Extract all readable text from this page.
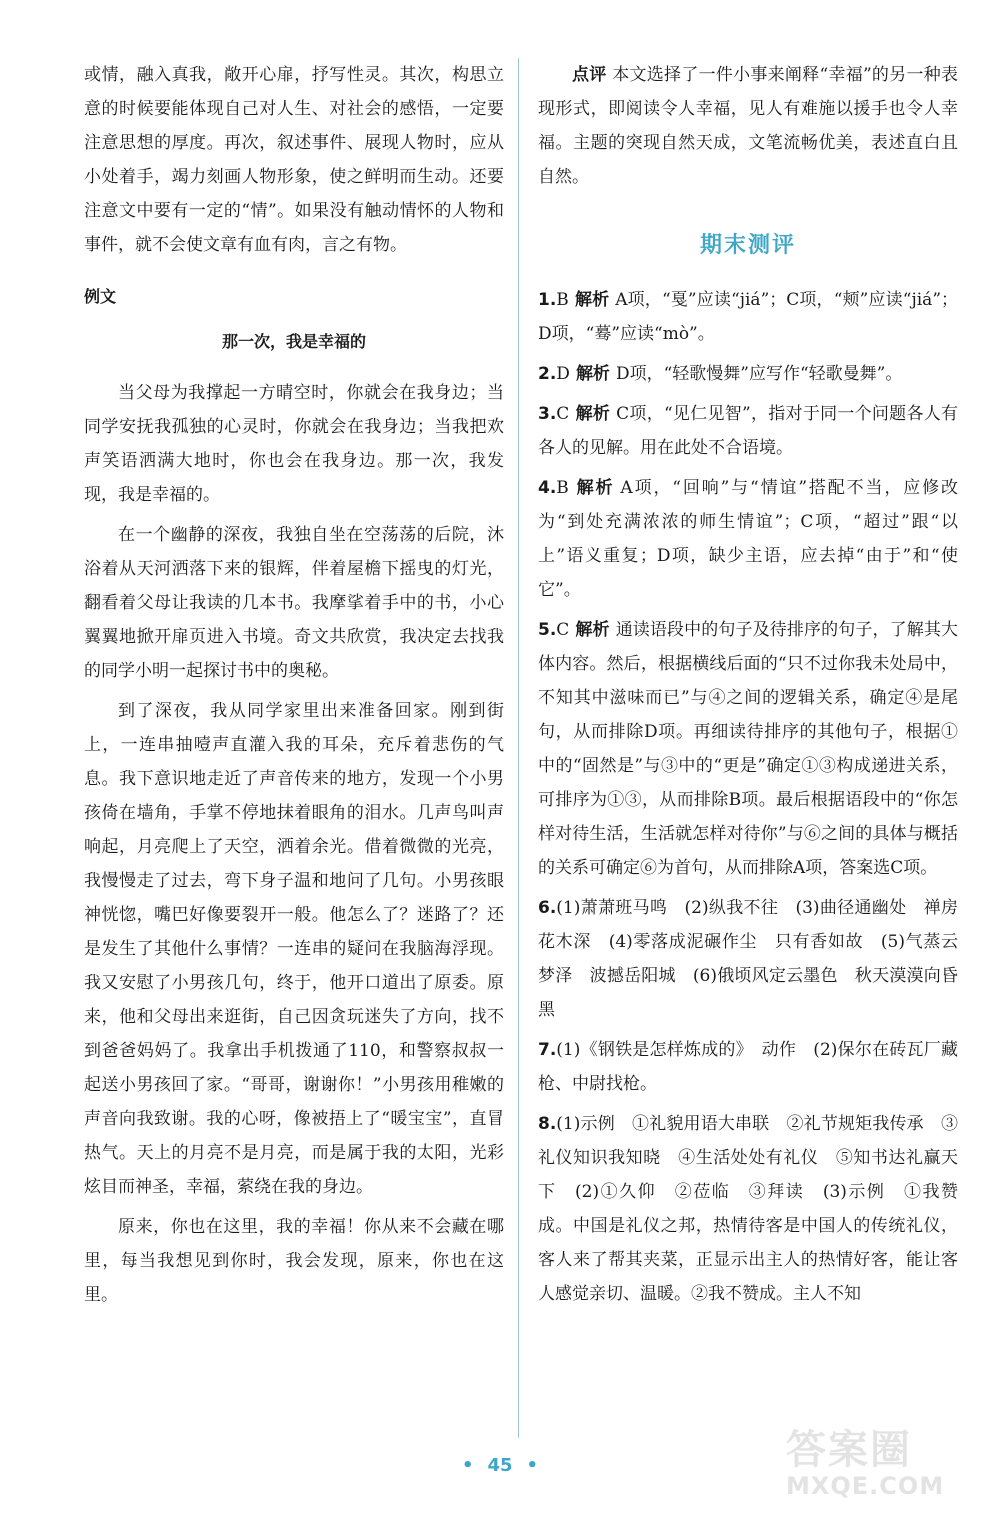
或情，融入真我，敞开心扉，抒写性灵。其次，构思立意的时候要能体现自己对人生、对社会的感悟，一定要注意思想的厚度。再次，叙述事件、展现人物时，应从小处着手，竭力刻画人物形象，使之鲜明而生动。还要注意文中要有一定的“情”。如果没有触动情怀的人物和事件，就不会使文章有血有肉，言之有物。

例文
那一次，我是幸福的

当父母为我撑起一方晴空时，你就会在我身边；当同学安抚我孤独的心灵时，你就会在我身边；当我把欢声笑语洒满大地时，你也会在我身边。那一次，我发现，我是幸福的。

在一个幽静的深夜，我独自坐在空荡荡的后院，沐浴着从天河洒落下来的银辉，伴着屋檐下摇曳的灯光，翻看着父母让我读的几本书。我摩挲着手中的书，小心翼翼地掀开扉页进入书境。奇文共欣赏，我决定去找我的同学小明一起探讨书中的奥秘。

到了深夜，我从同学家里出来准备回家。刚到街上，一连串抽噎声直灌入我的耳朵，充斥着悲伤的气息。我下意识地走近了声音传来的地方，发现一个小男孩倚在墙角，手掌不停地抹着眼角的泪水。几声鸟叫声响起，月亮爬上了天空，洒着余光。借着微微的光亮，我慢慢走了过去，弯下身子温和地问了几句。小男孩眼神恍惚，嘴巴好像要裂开一般。他怎么了？迷路了？还是发生了其他什么事情？一连串的疑问在我脑海浮现。我又安慰了小男孩几句，终于，他开口道出了原委。原来，他和父母出来逛街，自己因贪玩迷失了方向，找不到爸爸妈妈了。我拿出手机拨通了110，和警察叔叔一起送小男孩回了家。“哥哥，谢谢你！”小男孩用稚嫩的声音向我致谢。我的心呀，像被捂上了“暖宝宝”，直冒热气。天上的月亮不是月亮，而是属于我的太阳，光彩炫目而神圣，幸福，萦绕在我的身边。

原来，你也在这里，我的幸福！你从来不会藏在哪里，每当我想见到你时，我会发现，原来，你也在这里。

点评 本文选择了一件小事来阐释“幸福”的另一种表现形式，即阅读令人幸福，见人有难施以援手也令人幸福。主题的突现自然天成，文笔流畅优美，表述直白且自然。

期末测评

1.B 解析 A项，“戛”应读“jiá”；C项，“颊”应读“jiá”；D项，“蓦”应读“mò”。

2.D 解析 D项，“轻歌慢舞”应写作“轻歌曼舞”。

3.C 解析 C项，“见仁见智”，指对于同一个问题各人有各人的见解。用在此处不合语境。

4.B 解析 A项，“回响”与“情谊”搭配不当，应修改为“到处充满浓浓的师生情谊”；C项，“超过”跟“以上”语义重复；D项，缺少主语，应去掉“由于”和“使它”。

5.C 解析 通读语段中的句子及待排序的句子，了解其大体内容。然后，根据横线后面的“只不过你我未处局中，不知其中滋味而已”与④之间的逻辑关系，确定④是尾句，从而排除D项。再细读待排序的其他句子，根据①中的“固然是”与③中的“更是”确定①③构成递进关系，可排序为①③，从而排除B项。最后根据语段中的“你怎样对待生活，生活就怎样对待你”与⑥之间的具体与概括的关系可确定⑥为首句，从而排除A项，答案选C项。

6.(1)萧萧班马鸣　(2)纵我不往　(3)曲径通幽处　禅房花木深　(4)零落成泥碾作尘　只有香如故　(5)气蒸云梦泽　波撼岳阳城　(6)俄顷风定云墨色　秋天漠漠向昏黑

7.(1)《钢铁是怎样炼成的》　动作　(2)保尔在砖瓦厂藏枪、中尉找枪。

8.(1)示例　①礼貌用语大串联　②礼节规矩我传承　③礼仪知识我知晓　④生活处处有礼仪　⑤知书达礼赢天下　(2)①久仰　②莅临　③拜读　(3)示例　①我赞成。中国是礼仪之邦，热情待客是中国人的传统礼仪，客人来了帮其夹菜，正显示出主人的热情好客，能让客人感觉亲切、温暖。②我不赞成。主人不知

• 45 •	答案圈
MXQE.COM
